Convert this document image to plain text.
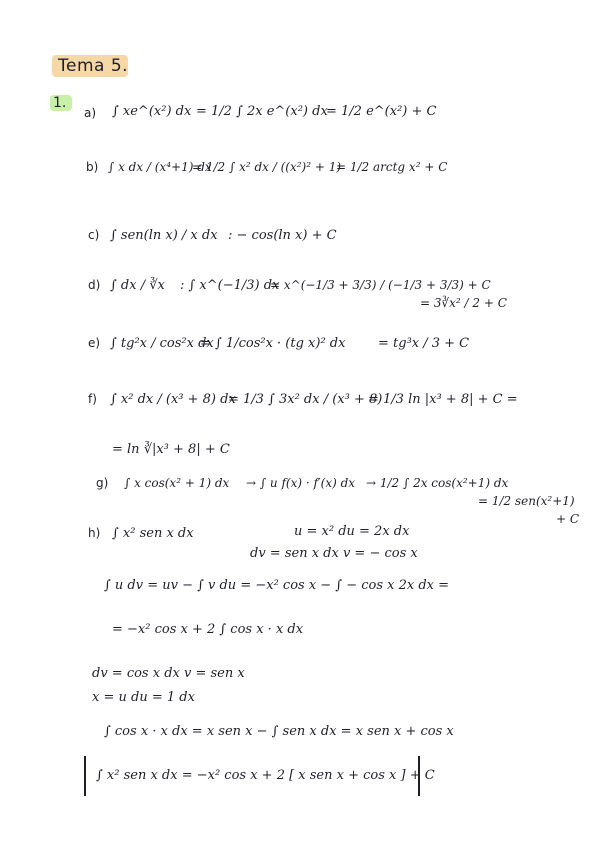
Tema 5.
1.
a) ∫ xe^(x²) dx = 1/2 ∫ 2x e^(x²) dx
= 1/2 e^(x²) + C
b) ∫ x dx / (x⁴+1) dx
= 1/2 ∫ x² dx / ((x²)² + 1)
= 1/2 arctg x² + C
c) ∫ sen(ln x) / x dx : − cos(ln x) + C
d) ∫ dx / ∛x : ∫ x^(−1/3) dx
= x^(−1/3 + 3/3) / (−1/3 + 3/3) + C
= 3∛x² / 2 + C
e) ∫ tg²x / cos²x dx
= ∫ 1/cos²x · (tg x)² dx	= tg³x / 3 + C
f) ∫ x² dx / (x³ + 8) dx
= 1/3 ∫ 3x² dx / (x³ + 8)
= 1/3 ln |x³ + 8| + C =
= ln ∛|x³ + 8| + C
g) ∫ x cos(x² + 1) dx → ∫ u f(x) · f′(x) dx → 1/2 ∫ 2x cos(x²+1) dx
= 1/2 sen(x²+1)
+ C
h) ∫ x² sen x dx	u = x² du = 2x dx
dv = sen x dx v = − cos x
∫ u dv = uv − ∫ v du = −x² cos x − ∫ − cos x 2x dx =
= −x² cos x + 2 ∫ cos x · x dx
dv = cos x dx v = sen x
x = u du = 1 dx
∫ cos x · x dx = x sen x − ∫ sen x dx = x sen x + cos x
∫ x² sen x dx = −x² cos x + 2 [ x sen x + cos x ] + C
